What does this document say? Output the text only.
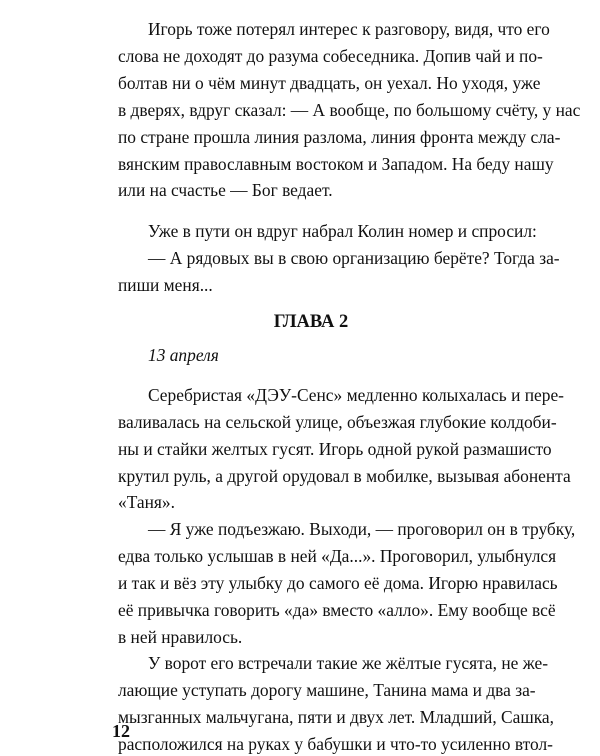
Игорь тоже потерял интерес к разговору, видя, что его
слова не доходят до разума собеседника. Допив чай и по-
болтав ни о чём минут двадцать, он уехал. Но уходя, уже
в дверях, вдруг сказал: — А вообще, по большому счёту, у нас
по стране прошла линия разлома, линия фронта между сла-
вянским православным востоком и Западом. На беду нашу
или на счастье — Бог ведает.
Уже в пути он вдруг набрал Колин номер и спросил:
— А рядовых вы в свою организацию берёте? Тогда за-
пиши меня...
ГЛАВА 2
13 апреля
Серебристая «ДЭУ-Сенс» медленно колыхалась и пере-
валивалась на сельской улице, объезжая глубокие колдоби-
ны и стайки желтых гусят. Игорь одной рукой размашисто
крутил руль, а другой орудовал в мобилке, вызывая абонента
«Таня».
— Я уже подъезжаю. Выходи, — проговорил он в трубку,
едва только услышав в ней «Да...». Проговорил, улыбнулся
и так и вёз эту улыбку до самого её дома. Игорю нравилась
её привычка говорить «да» вместо «алло». Ему вообще всё
в ней нравилось.
У ворот его встречали такие же жёлтые гусята, не же-
лающие уступать дорогу машине, Танина мама и два за-
мызганных мальчугана, пяти и двух лет. Младший, Сашка,
расположился на руках у бабушки и что-то усиленно втол-
12
